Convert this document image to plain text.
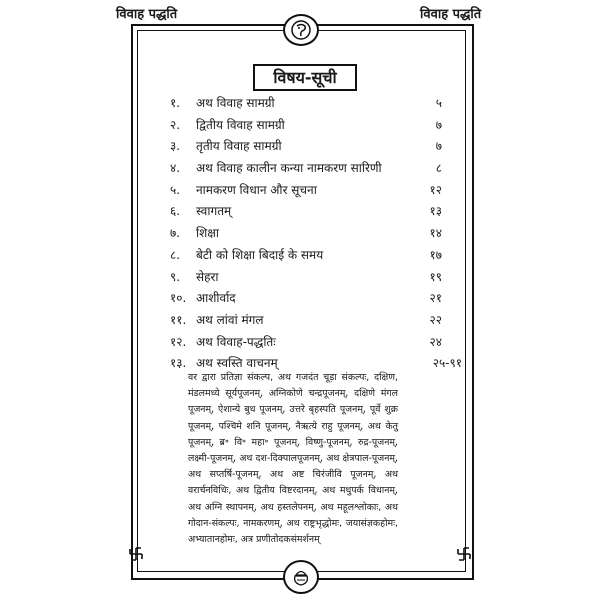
विवाह पद्धति	विवाह पद्धति
विषय-सूची
१.	अथ विवाह सामग्री	५
२.	द्वितीय विवाह सामग्री	७
३.	तृतीय विवाह सामग्री	७
४.	अथ विवाह कालीन कन्या नामकरण सारिणी	८
५.	नामकरण विधान और सूचना	१२
६.	स्वागतम्	१३
७.	शिक्षा	१४
८.	बेटी को शिक्षा बिदाई के समय	१७
९.	सेहरा	१९
१०. आशीर्वाद	२१
११. अथ लांवां मंगल	२२
१२. अथ विवाह-पद्धतिः	२४
१३. अथ स्वस्ति वाचनम्	२५-९१
वर द्वारा प्रतिज्ञा संकल्प, अथ गजदंत चूड़ा संकल्पः, दक्षिण, मंडलमध्ये सूर्यपूजनम्, अग्निकोणे चन्द्रपूजनम्, दक्षिणे मंगल पूजनम्, ऐशान्ये बुध पूजनम्, उत्तरे बृहस्पति पूजनम्, पूर्वे शुक्र पूजनम्, पश्चिमे शनि पूजनम्, नैऋत्ये राहु पूजनम्, अथ केतु पूजनम्, ब्र॰ वि॰ महा॰ पूजनम्, विष्णु-पूजनम्, रुद्र-पूजनम्, लक्ष्मी-पूजनम्, अथ दश-दिक्पालपूजनम्, अथ क्षेत्रपाल-पूजनम्, अथ सप्तर्षि-पूजनम्, अथ अष्ट चिरंजीवि पूजनम्, अथ वरार्चनविधिः, अथ द्वितीय विष्टरदानम्, अथ मधुपर्क विधानम्, अथ अग्नि स्थापनम्, अथ हस्तलेपनम्, अथ महूलश्लोकाः, अथ गोदान-संकल्पः, नामकरणम्, अथ राष्ट्रभृद्धोमः, जयासंज्ञकहोमः, अभ्यातानहोमः, अत्र प्रणीतोदकसंमर्शनम्
